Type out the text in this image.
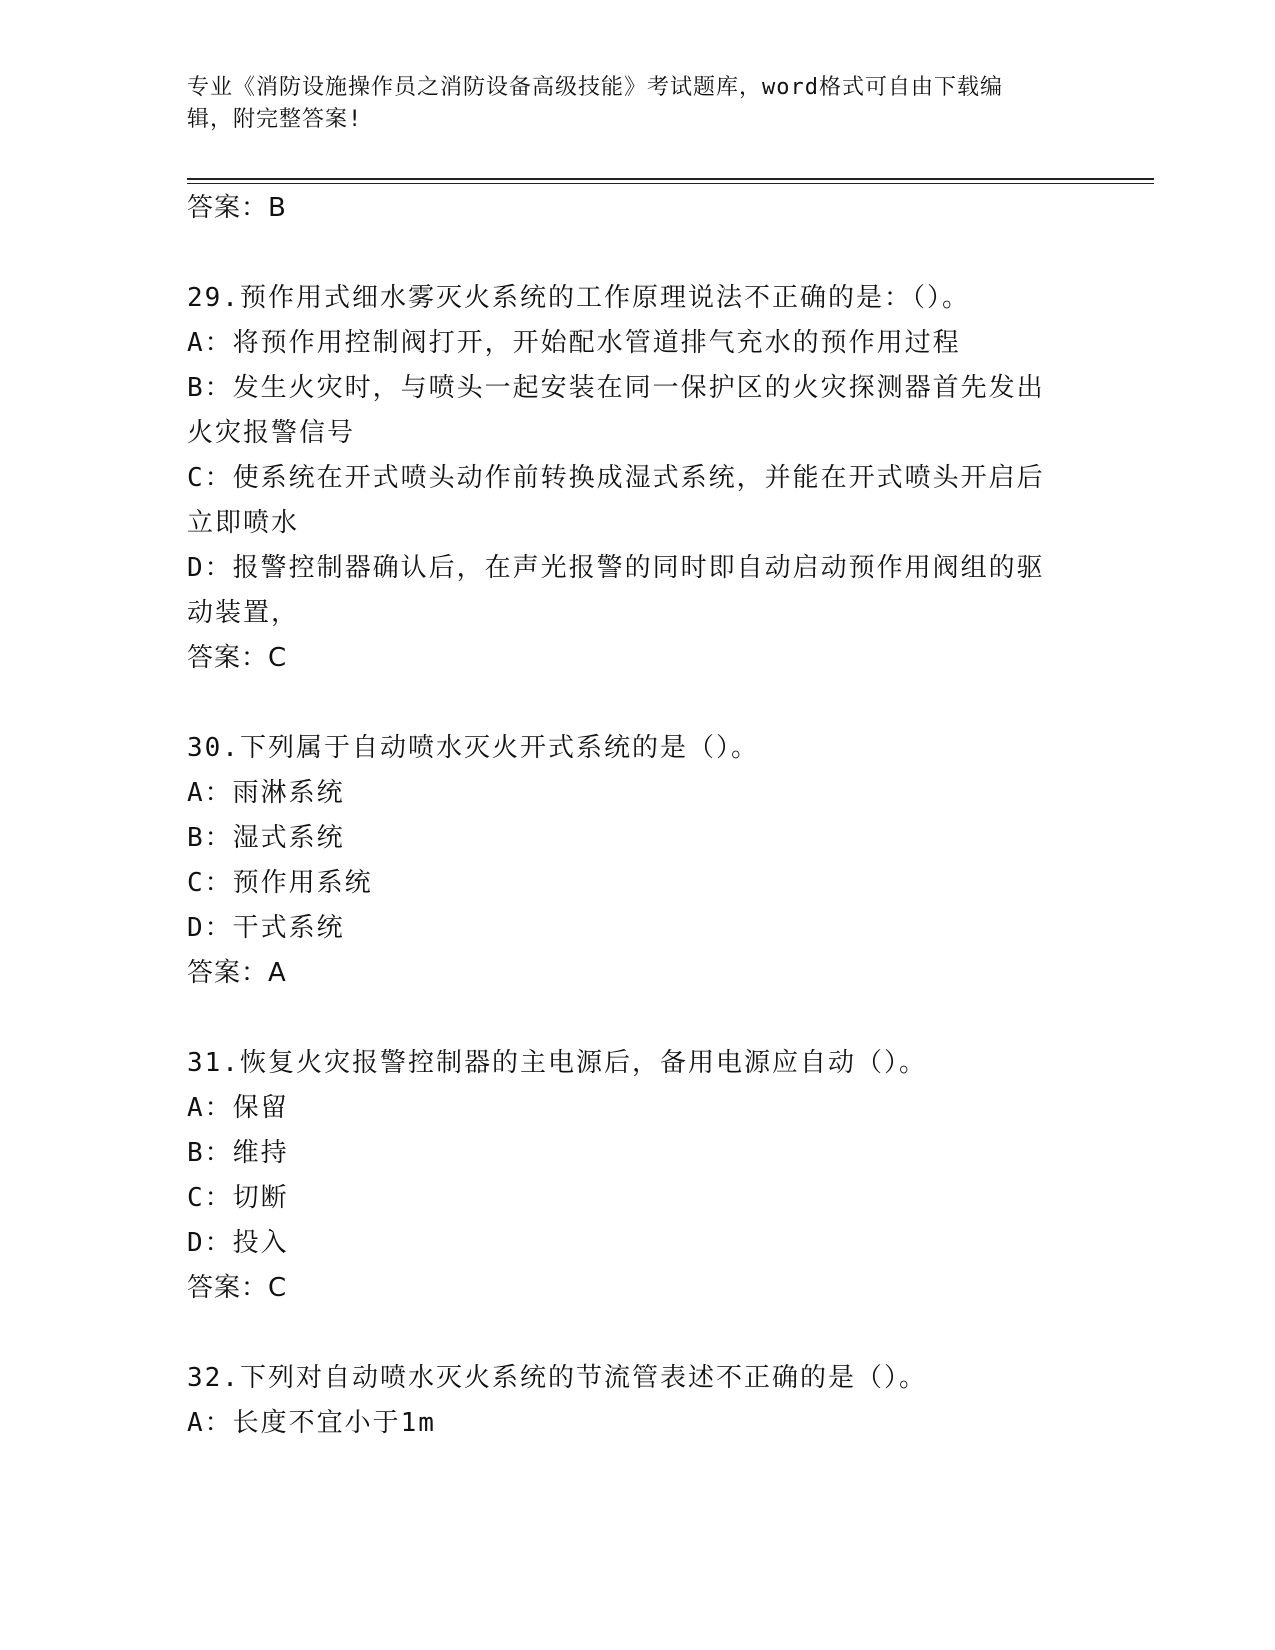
专业《消防设施操作员之消防设备高级技能》考试题库，word格式可自由下载编
辑，附完整答案!
答案：B
29.预作用式细水雾灭火系统的工作原理说法不正确的是：（）。
A：将预作用控制阀打开，开始配水管道排气充水的预作用过程
B：发生火灾时，与喷头一起安装在同一保护区的火灾探测器首先发出
火灾报警信号
C：使系统在开式喷头动作前转换成湿式系统，并能在开式喷头开启后
立即喷水
D：报警控制器确认后，在声光报警的同时即自动启动预作用阀组的驱
动装置，
答案：C
30.下列属于自动喷水灭火开式系统的是（）。
A：雨淋系统
B：湿式系统
C：预作用系统
D：干式系统
答案：A
31.恢复火灾报警控制器的主电源后，备用电源应自动（）。
A：保留
B：维持
C：切断
D：投入
答案：C
32.下列对自动喷水灭火系统的节流管表述不正确的是（）。
A：长度不宜小于1m
